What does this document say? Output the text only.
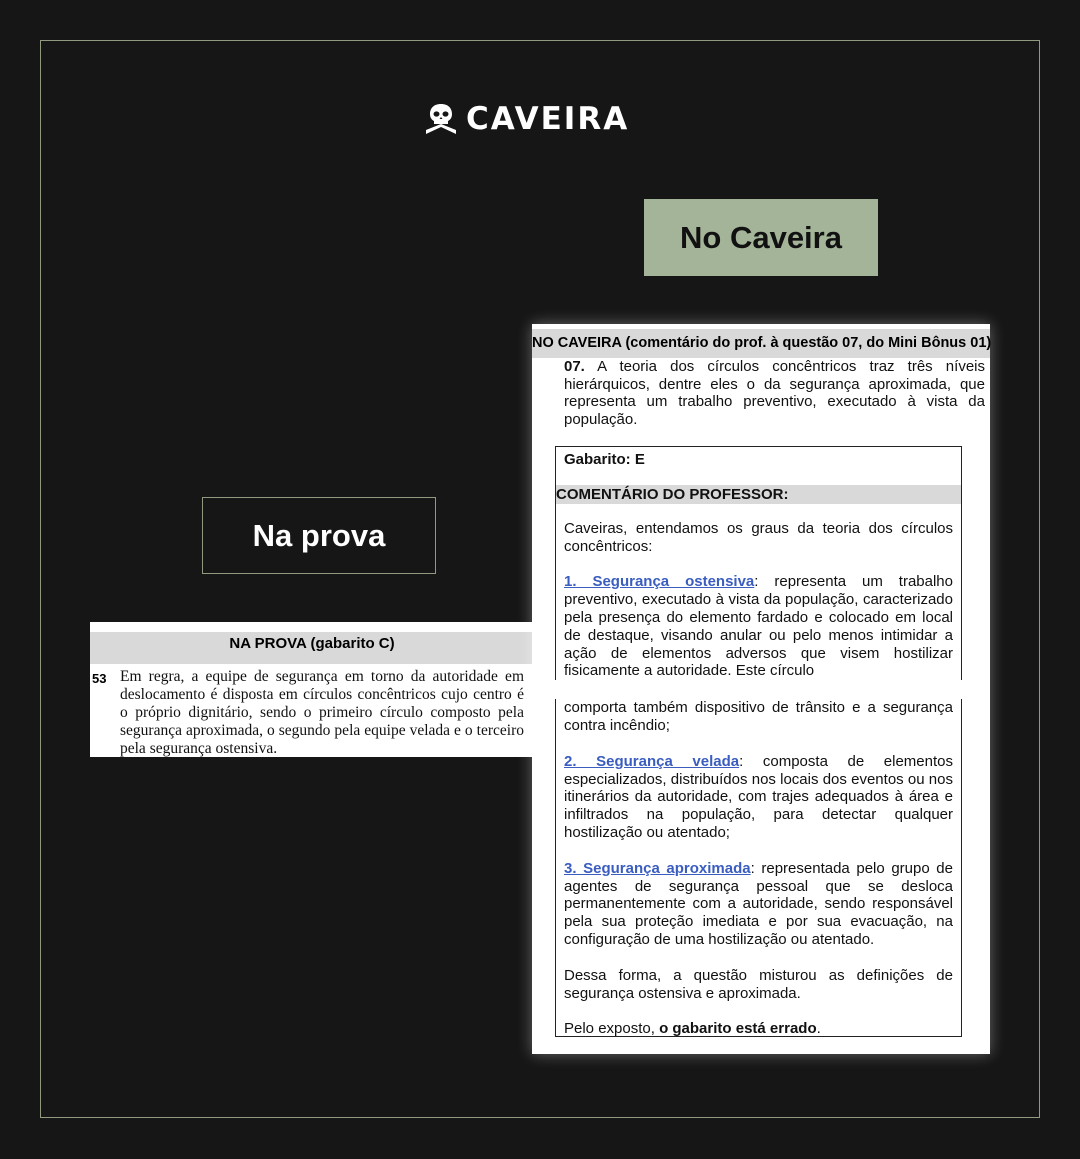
CAVEIRA
No Caveira
Na prova
NA PROVA (gabarito C)
53 Em regra, a equipe de segurança em torno da autoridade em deslocamento é disposta em círculos concêntricos cujo centro é o próprio dignitário, sendo o primeiro círculo composto pela segurança aproximada, o segundo pela equipe velada e o terceiro pela segurança ostensiva.
NO CAVEIRA (comentário do prof. à questão 07, do Mini Bônus 01)
07. A teoria dos círculos concêntricos traz três níveis hierárquicos, dentre eles o da segurança aproximada, que representa um trabalho preventivo, executado à vista da população.

Gabarito: E

COMENTÁRIO DO PROFESSOR:

Caveiras, entendamos os graus da teoria dos círculos concêntricos:

1. Segurança ostensiva: representa um trabalho preventivo, executado à vista da população, caracterizado pela presença do elemento fardado e colocado em local de destaque, visando anular ou pelo menos intimidar a ação de elementos adversos que visem hostilizar fisicamente a autoridade. Este círculo

comporta também dispositivo de trânsito e a segurança contra incêndio;

2. Segurança velada: composta de elementos especializados, distribuídos nos locais dos eventos ou nos itinerários da autoridade, com trajes adequados à área e infiltrados na população, para detectar qualquer hostilização ou atentado;

3. Segurança aproximada: representada pelo grupo de agentes de segurança pessoal que se desloca permanentemente com a autoridade, sendo responsável pela sua proteção imediata e por sua evacuação, na configuração de uma hostilização ou atentado.

Dessa forma, a questão misturou as definições de segurança ostensiva e aproximada.

Pelo exposto, o gabarito está errado.
